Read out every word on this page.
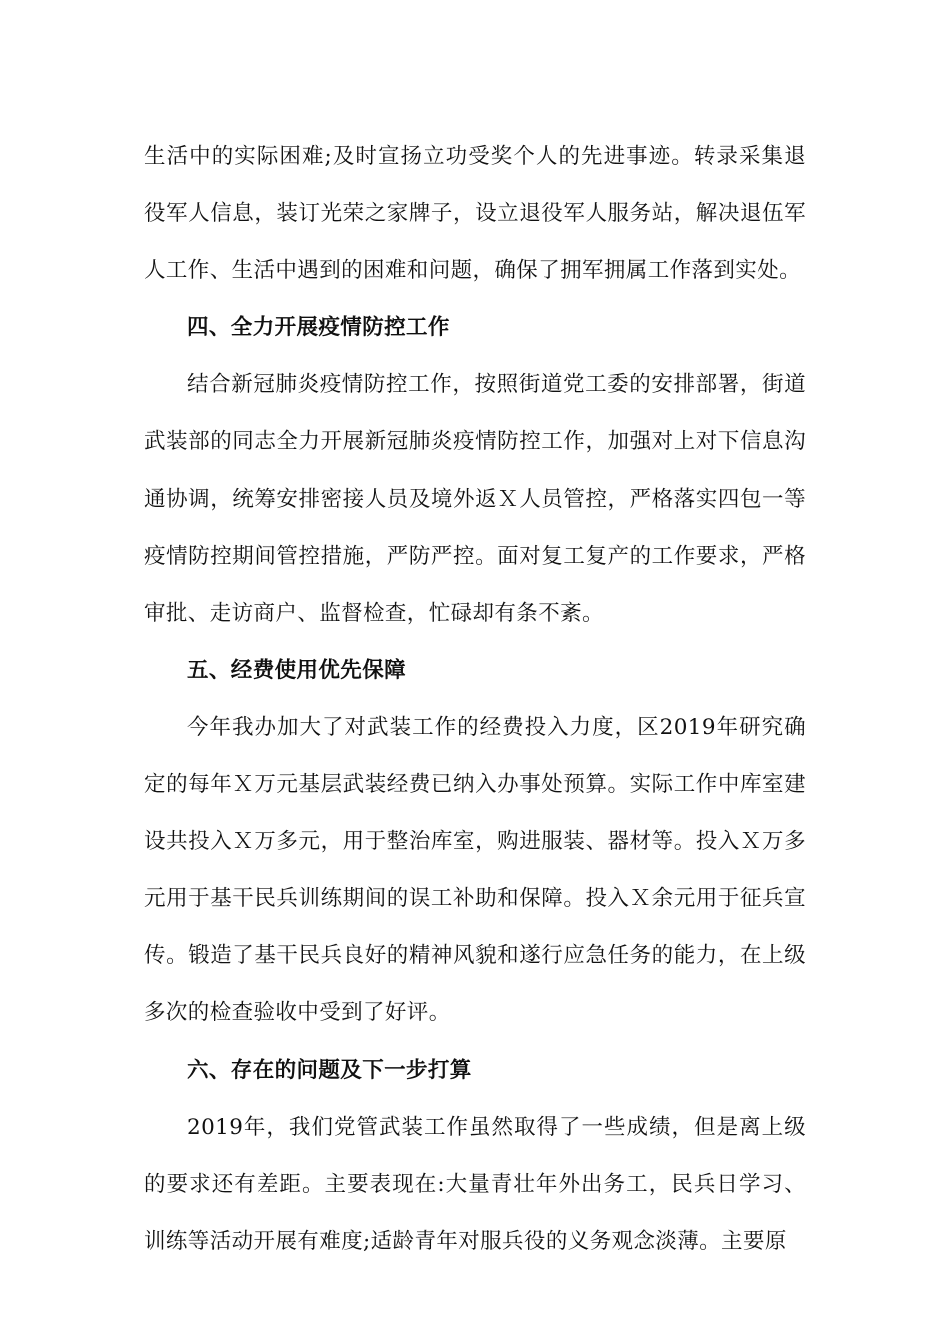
生活中的实际困难;及时宣扬立功受奖个人的先进事迹。转录采集退役军人信息，装订光荣之家牌子，设立退役军人服务站，解决退伍军人工作、生活中遇到的困难和问题，确保了拥军拥属工作落到实处。

四、全力开展疫情防控工作

结合新冠肺炎疫情防控工作，按照街道党工委的安排部署，街道武装部的同志全力开展新冠肺炎疫情防控工作，加强对上对下信息沟通协调，统筹安排密接人员及境外返Ｘ人员管控，严格落实四包一等疫情防控期间管控措施，严防严控。面对复工复产的工作要求，严格审批、走访商户、监督检查，忙碌却有条不紊。

五、经费使用优先保障

今年我办加大了对武装工作的经费投入力度，区2019年研究确定的每年Ｘ万元基层武装经费已纳入办事处预算。实际工作中库室建设共投入Ｘ万多元，用于整治库室，购进服装、器材等。投入Ｘ万多元用于基干民兵训练期间的误工补助和保障。投入Ｘ余元用于征兵宣传。锻造了基干民兵良好的精神风貌和遂行应急任务的能力，在上级多次的检查验收中受到了好评。

六、存在的问题及下一步打算

2019年，我们党管武装工作虽然取得了一些成绩，但是离上级的要求还有差距。主要表现在:大量青壮年外出务工，民兵日学习、训练等活动开展有难度;适龄青年对服兵役的义务观念淡薄。主要原
